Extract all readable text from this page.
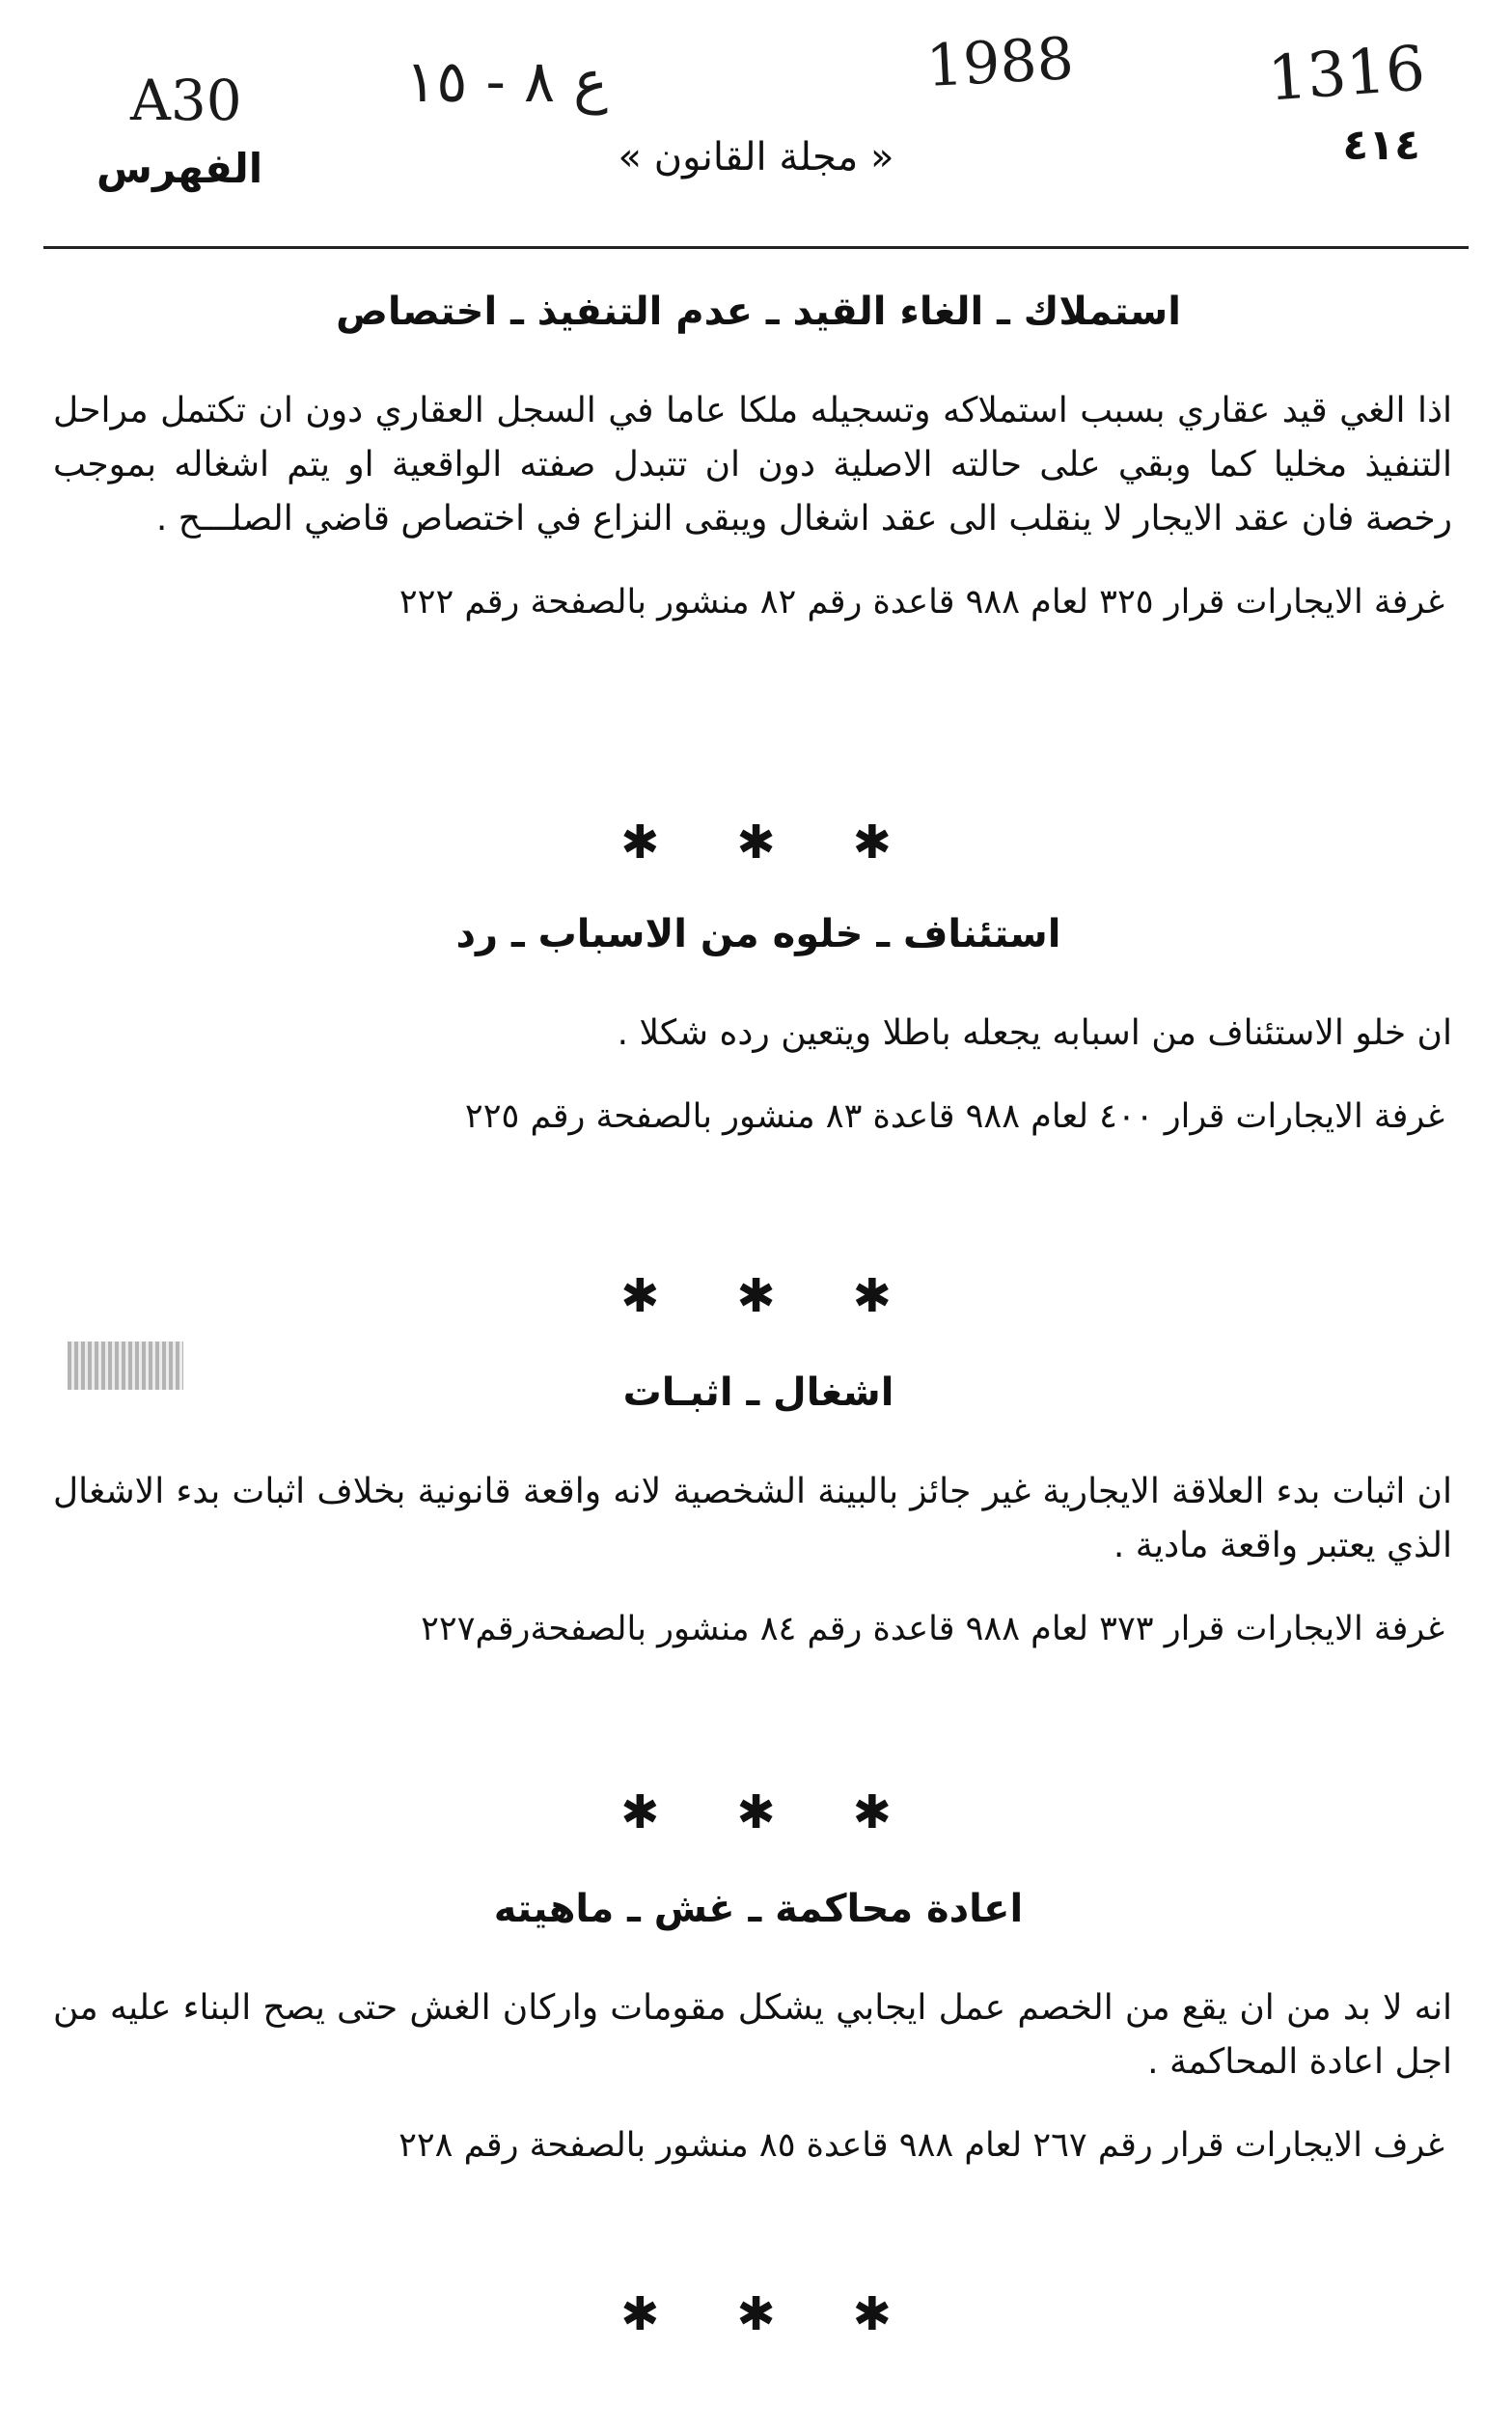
1316
1988
ع ٨ - ١٥
A30
٤١٤
« مجلة القانون »
الفهرس
استملاك ـ الغاء القيد ـ عدم التنفيذ ـ اختصاص
اذا الغي قيد عقاري بسبب استملاكه وتسجيله ملكا عاما في السجل العقاري دون ان تكتمل مراحل التنفيذ مخليا كما وبقي على حالته الاصلية دون ان تتبدل صفته الواقعية او يتم اشغاله بموجب رخصة فان عقد الايجار لا ينقلب الى عقد اشغال ويبقى النزاع في اختصاص قاضي الصلـــح .
غرفة الايجارات قرار ٣٢٥ لعام ٩٨٨ قاعدة رقم ٨٢ منشور بالصفحة رقم ٢٢٢
✱✱✱
استئناف ـ خلوه من الاسباب ـ رد
ان خلو الاستئناف من اسبابه يجعله باطلا ويتعين رده شكلا .
غرفة الايجارات قرار ٤٠٠ لعام ٩٨٨ قاعدة ٨٣ منشور بالصفحة رقم ٢٢٥
✱✱✱
اشغال ـ اثبـات
ان اثبات بدء العلاقة الايجارية غير جائز بالبينة الشخصية لانه واقعة قانونية بخلاف اثبات بدء الاشغال الذي يعتبر واقعة مادية .
غرفة الايجارات قرار ٣٧٣ لعام ٩٨٨ قاعدة رقم ٨٤ منشور بالصفحةرقم٢٢٧
✱✱✱
اعادة محاكمة ـ غش ـ ماهيته
انه لا بد من ان يقع من الخصم عمل ايجابي يشكل مقومات واركان الغش حتى يصح البناء عليه من اجل اعادة المحاكمة .
غرف الايجارات قرار رقم ٢٦٧ لعام ٩٨٨ قاعدة ٨٥ منشور بالصفحة رقم ٢٢٨
✱✱✱
